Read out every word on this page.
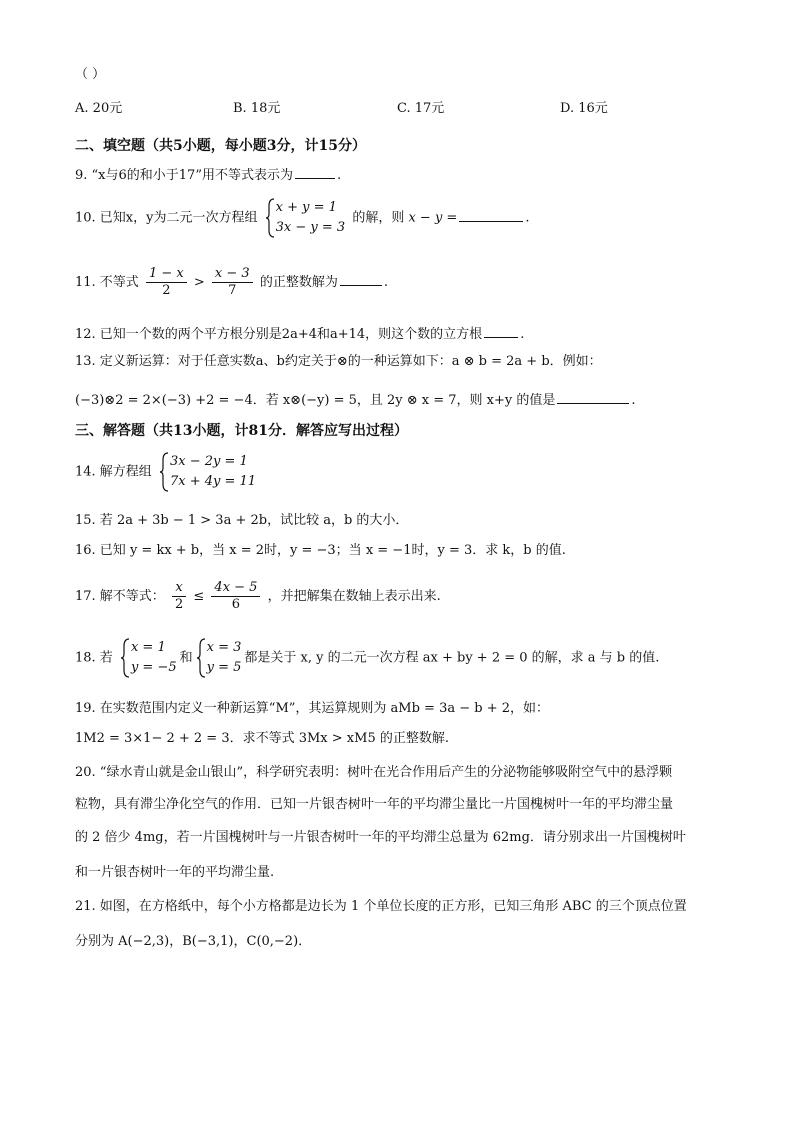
（ ）
A. 20元	B. 18元	C. 17元	D. 16元
二、填空题（共5小题，每小题3分，计15分）
9. “x与6的和小于17”用不等式表示为	.
10. 已知x，y为二元一次方程组
x + y = 1
3x − y = 3
的解，则 x − y =	.
11. 不等式 $\frac{1 - x}{2} > \frac{x - 3}{7}$ 的正整数解为	.
12. 已知一个数的两个平方根分别是2a+4和a+14，则这个数的立方根	.
13. 定义新运算：对于任意实数a、b约定关于⊗的一种运算如下：a ⊗ b = 2a + b．例如：
(−3)⊗2 = 2×(−3) +2 = −4．若 x⊗(−y) = 5，且 2y ⊗ x = 7，则 x+y 的值是	.
三、解答题（共13小题，计81分．解答应写出过程）
14. 解方程组
3x − 2y = 1
7x + 4y = 11
15. 若 2a + 3b − 1 > 3a + 2b，试比较 a，b 的大小．
16. 已知 y = kx + b，当 x = 2时，y = −3；当 x = −1时，y = 3．求 k，b 的值.
17. 解不等式： $\frac{x}{2} \le \frac{4x - 5}{6}$ ，并把解集在数轴上表示出来.
18. 若
x = 1
y = −5
和
x = 3
y = 5
都是关于 x, y 的二元一次方程 ax + by + 2 = 0 的解，求 a 与 b 的值.
19. 在实数范围内定义一种新运算“M”，其运算规则为 aMb = 3a − b + 2，如：
1M2 = 3×1− 2 + 2 = 3．求不等式 3Mx > xM5 的正整数解.
20. “绿水青山就是金山银山”，科学研究表明：树叶在光合作用后产生的分泌物能够吸附空气中的悬浮颗
粒物，具有滞尘净化空气的作用．已知一片银杏树叶一年的平均滞尘量比一片国槐树叶一年的平均滞尘量
的 2 倍少 4mg，若一片国槐树叶与一片银杏树叶一年的平均滞尘总量为 62mg．请分别求出一片国槐树叶
和一片银杏树叶一年的平均滞尘量.
21. 如图，在方格纸中，每个小方格都是边长为 1 个单位长度的正方形，已知三角形 ABC 的三个顶点位置
分别为 A(−2,3)，B(−3,1)，C(0,−2)．
